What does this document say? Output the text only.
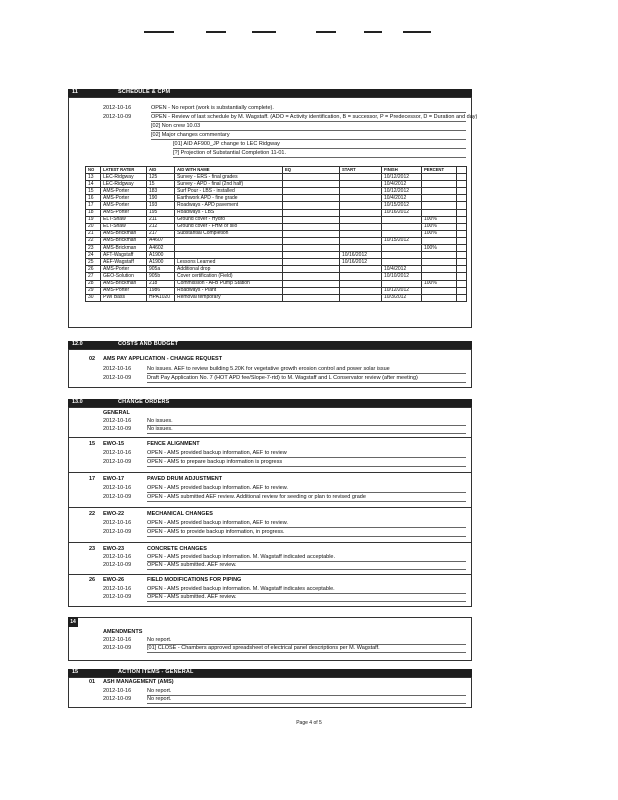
11	SCHEDULE & CPM
2012-10-16	OPEN - No report (work is substantially complete).
2012-10-09	OPEN - Review of last schedule by M. Wagstaff. (ADO = Activity identification, B = successor, P = Predecessor, D = Duration and day)
[02] Non crew 10.03
[02] Major changes commentary
[01] AID AF900_JP change to LEC Ridgway
[?] Projection of Substantial Completion 11-01.
NO	LATEST RATER	AID	AID WITH NAME	EQ	START	FINISH	PERCENT	
13	LEC-Ridgway	125	Survey - ERS - final grades			10/12/2012		
14	LEC-Ridgway	15	Survey - APD - final (2nd half)			10/4/2012		
15	AMS-Porter	183	Surf Pour - LBS - installed			10/12/2012		
16	AMS-Porter	190	Earthwork APD - fine grade			10/4/2012		
17	AMS-Porter	193	Roadways - APD pavement			10/15/2012		
18	AMS-Porter	195	Roadways - LBS			10/16/2012		
19	ELT-Shaw	211	Ground cover - Hydro				100%	
20	ELT-Shaw	212	Ground cover - FHM or silo				100%	
21	AMS-Brickman	217	Substantial Completion				100%	
22	AMS-Brickman	A4607				10/15/2012		
23	AMS-Brickman	A4602					100%	
24	AFT-Wagstaff	A1900			10/16/2012			
25	AEF-Wagstaff	A1900	Lessons Learned		10/16/2012			
26	AMS-Porter	905a	Additional drop			10/4/2012		
27	GEO-Solution	905b	Cover certification (Field)			10/10/2012		
28	AMS-Brickman	218	Commission - AFB Pump Station				100%	
29	AMS-Porter	1986	Roadways - Plant			10/12/2012		
30	PWI Bass	HPA1020	Removal temporary			10/3/2012		
12.0	COSTS AND BUDGET
02 AMS PAY APPLICATION - CHANGE REQUEST
2012-10-16	No issues. AEF to review building 5.20K for vegetative growth erosion control and power solar issue
2012-10-09	Draft Pay Application No. 7 (HOT APD fee/Slope-7-rtd) to M. Wagstaff and L Conservator review (after meeting)
13.0	CHANGE ORDERS
GENERAL
2012-10-16	No issues.
2012-10-09	No issues.
15 EWO-15	FENCE ALIGNMENT
2012-10-16	OPEN - AMS provided backup information, AEF to review
2012-10-09	OPEN - AMS to prepare backup information is progress
17 EWO-17	PAVED DRUM ADJUSTMENT
2012-10-16	OPEN - AMS provided backup information. AEF to review.
2012-10-09	OPEN - AMS submitted AEF review. Additional review for seeding or plan to revised grade
22 EWO-22	MECHANICAL CHANGES
2012-10-16	OPEN - AMS provided backup information, AEF to review.
2012-10-09	OPEN - AMS to provide backup information, in progress.
23 EWO-23	CONCRETE CHANGES
2012-10-16	OPEN - AMS provided backup information. M. Wagstaff indicated acceptable.
2012-10-09	OPEN - AMS submitted. AEF review.
26 EWO-26	FIELD MODIFICATIONS FOR PIPING
2012-10-16	OPEN - AMS provided backup information. M. Wagstaff indicates acceptable.
2012-10-09	OPEN - AMS submitted. AEF review.
14
AMENDMENTS
2012-10-16	No report.
2012-10-09	[01] CLOSE - Chambers approved spreadsheet of electrical panel descriptions per M. Wagstaff.
15	ACTION ITEMS - GENERAL
01 ASH MANAGEMENT (AMS)
2012-10-16	No report.
2012-10-09	No report.
Page 4 of 5
